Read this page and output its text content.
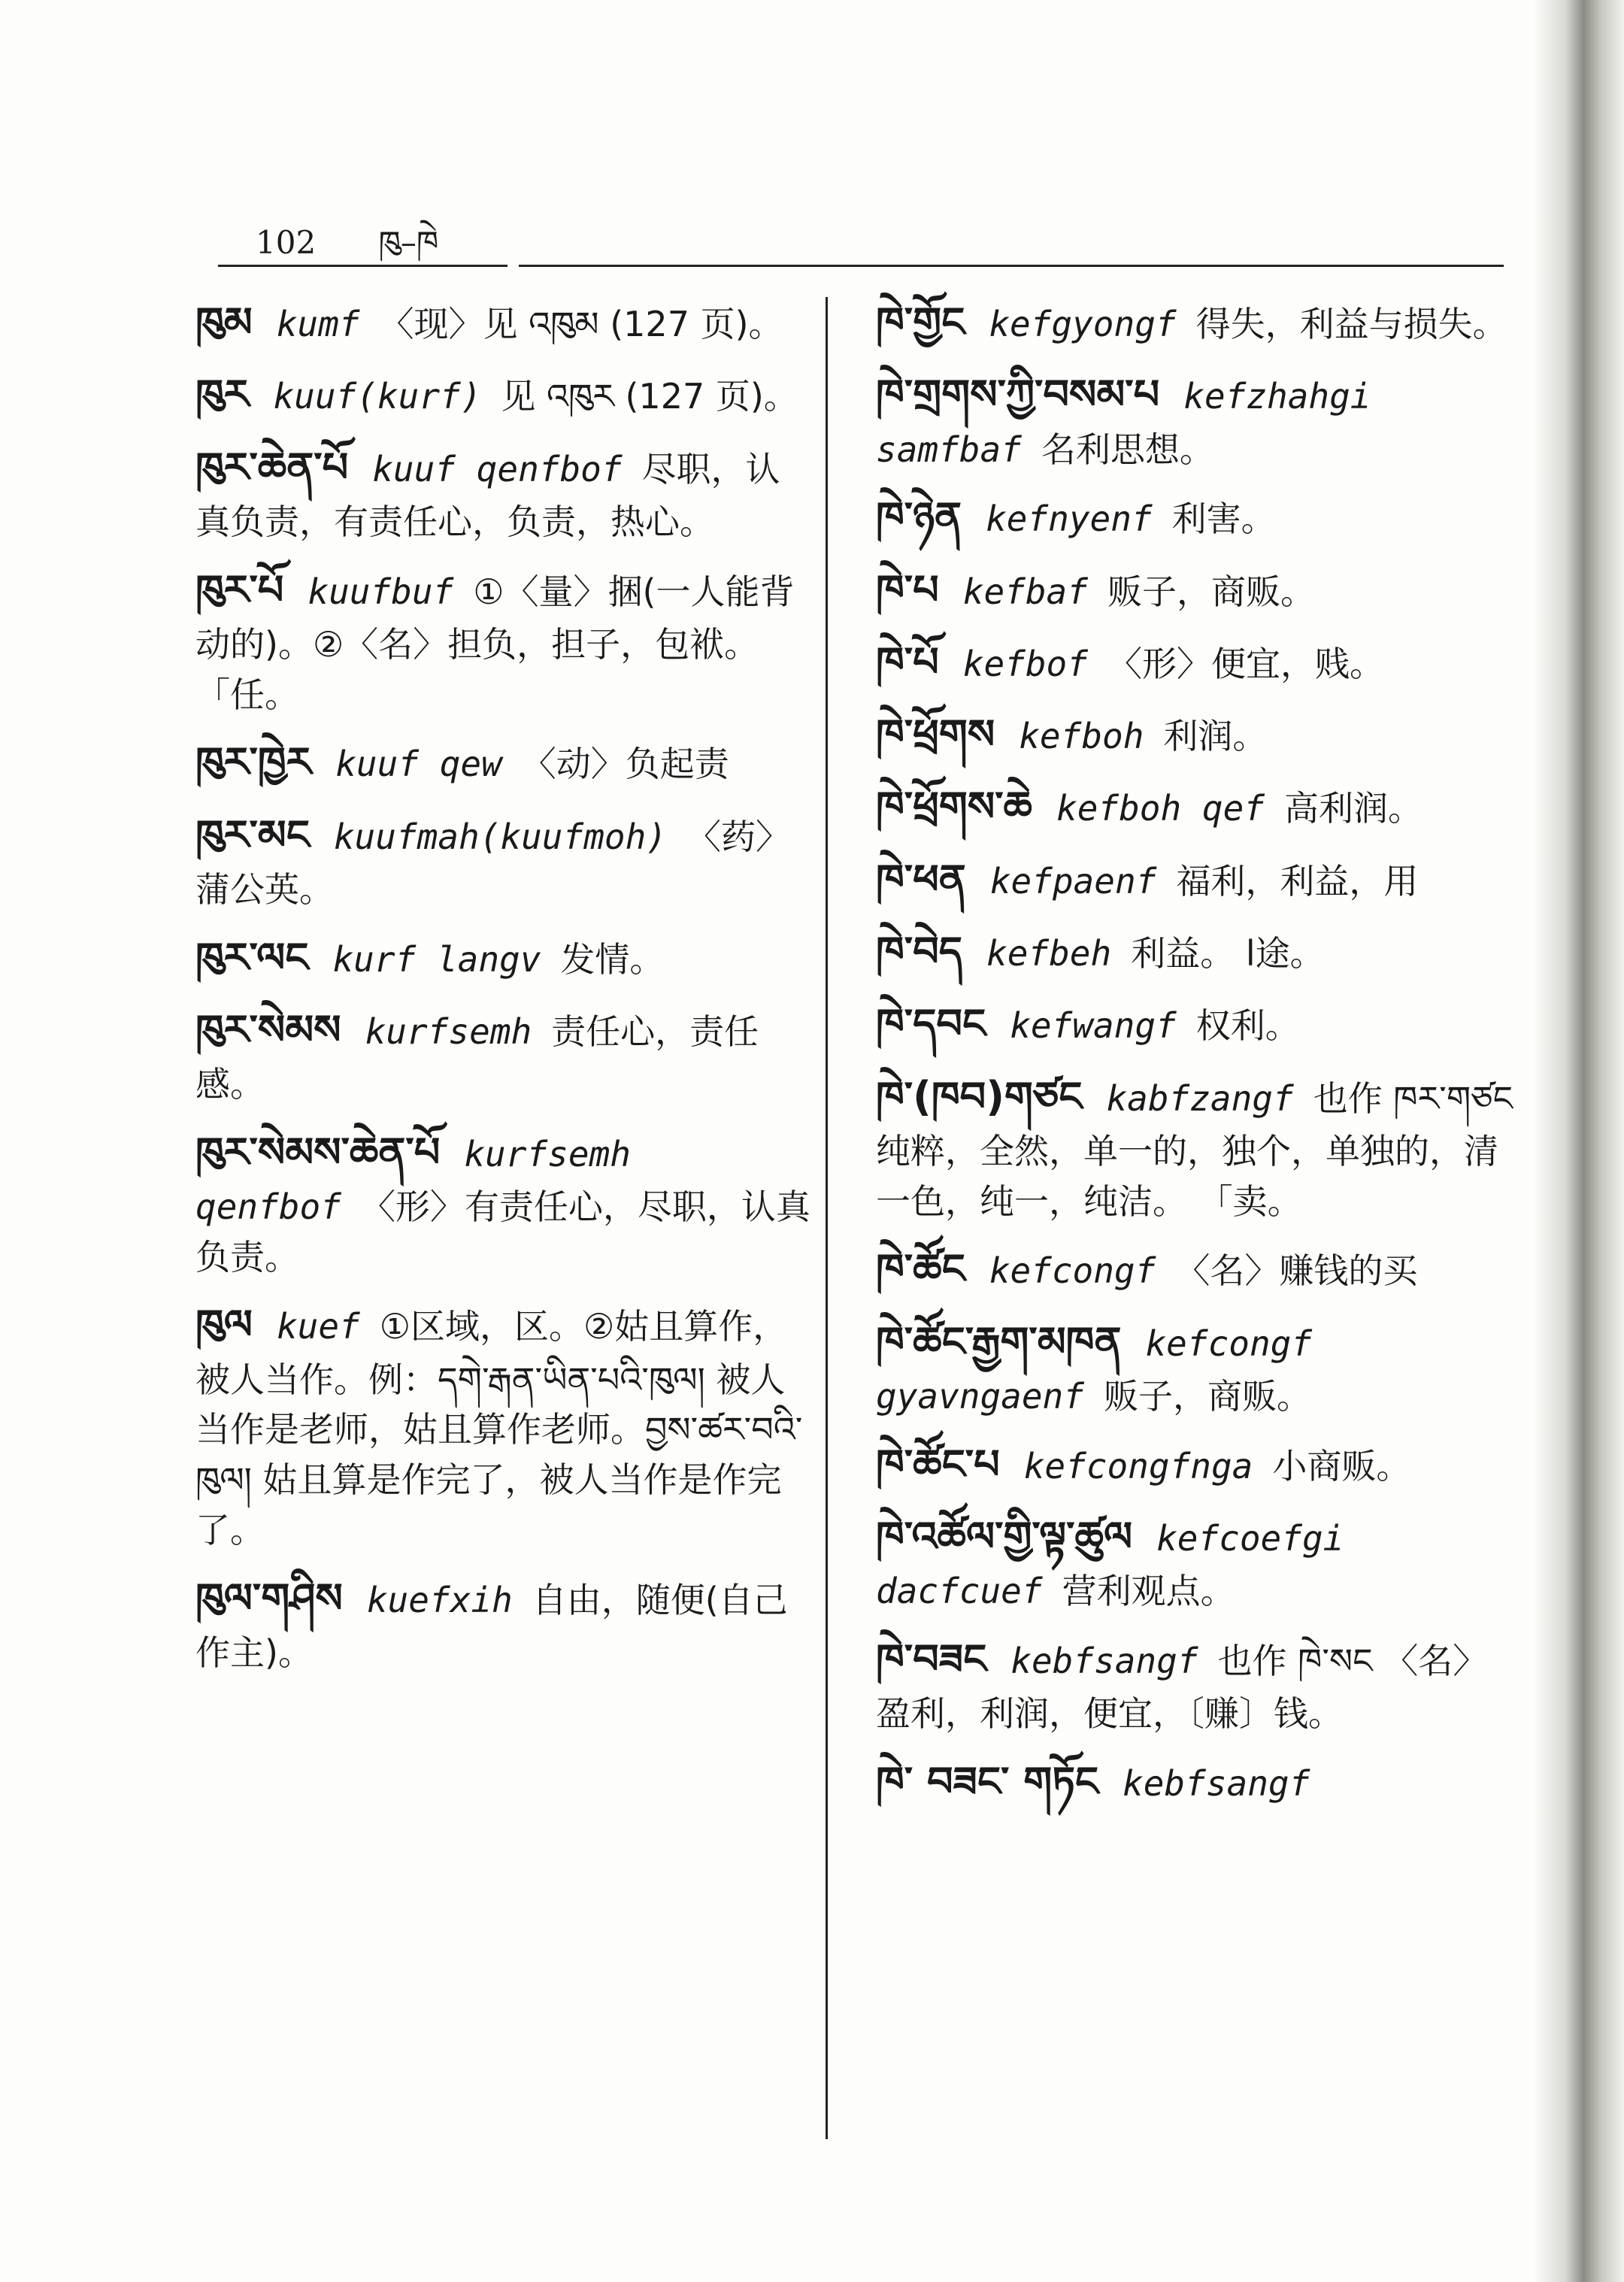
102 ཁུ–ཁེ
ཁུམ kumf 〈现〉见 འཁུམ (127 页)。
ཁུར kuuf(kurf) 见 འཁུར (127 页)。
ཁུར་ཆེན་པོ kuuf qenfbof 尽职，认真负责，有责任心，负责，热心。
ཁུར་པོ kuufbuf ①〈量〉捆(一人能背动的)。②〈名〉担负，担子，包袱。「任。
ཁུར་ཁྱེར kuuf qew 〈动〉负起责
ཁུར་མང kuufmah(kuufmoh) 〈药〉蒲公英。
ཁུར་ལང kurf langv 发情。
ཁུར་སེམས kurfsemh 责任心，责任感。
ཁུར་སེམས་ཆེན་པོ kurfsemh qenfbof 〈形〉有责任心，尽职，认真负责。
ཁུལ kuef ①区域，区。②姑且算作，被人当作。例：དགེ་རྒན་ཡིན་པའི་ཁུལ། 被人当作是老师，姑且算作老师。བྱས་ཚར་བའི་ཁུལ། 姑且算是作完了，被人当作是作完了。
ཁུལ་གཤིས kuefxih 自由，随便(自己作主)。
ཁེ་གྱོང kefgyongf 得失，利益与损失。
ཁེ་གྲགས་ཀྱི་བསམ་པ kefzhahgi samfbaf 名利思想。
ཁེ་ཉེན kefnyenf 利害。
ཁེ་པ kefbaf 贩子，商贩。
ཁེ་པོ kefbof 〈形〉便宜，贱。
ཁེ་ཕྲོགས kefboh 利润。
ཁེ་ཕྲོགས་ཆེ kefboh qef 高利润。
ཁེ་ཕན kefpaenf 福利，利益，用
ཁེ་བེད kefbeh 利益。 l途。
ཁེ་དབང kefwangf 权利。
ཁེ་(ཁབ)གཙང kabfzangf 也作 ཁར་གཙང 纯粹，全然，单一的，独个，单独的，清一色，纯一，纯洁。 「卖。
ཁེ་ཚོང kefcongf 〈名〉赚钱的买
ཁེ་ཚོང་རྒྱག་མཁན kefcongf gyavngaenf 贩子，商贩。
ཁེ་ཚོང་པ kefcongfnga 小商贩。
ཁེ་འཚོལ་གྱི་ལྟ་ཚུལ kefcoefgi dacfcuef 营利观点。
ཁེ་བཟང kebfsangf 也作 ཁེ་སང 〈名〉盈利，利润，便宜，〔赚〕钱。
ཁེ་ བཟང་ གཏོང kebfsangf
